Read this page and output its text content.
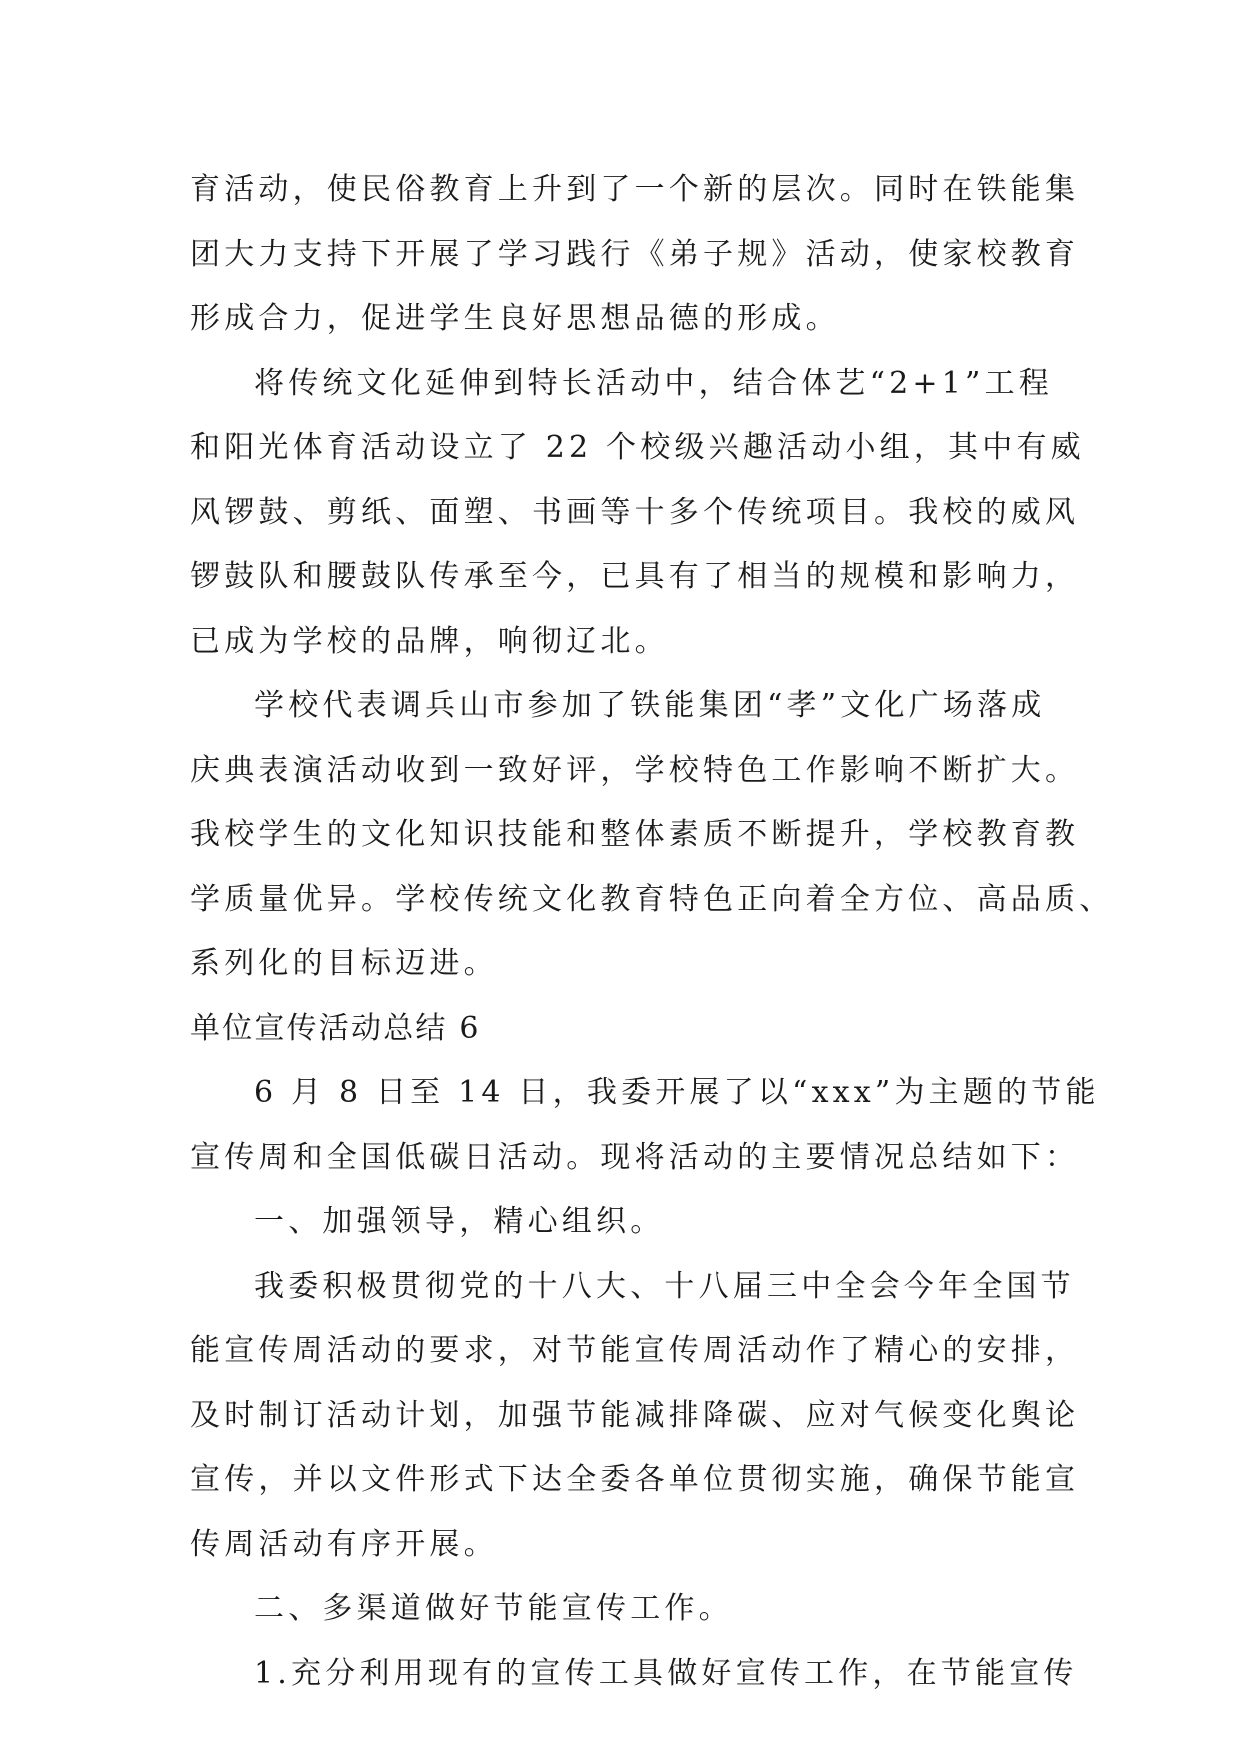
育活动，使民俗教育上升到了一个新的层次。同时在铁能集
团大力支持下开展了学习践行《弟子规》活动，使家校教育
形成合力，促进学生良好思想品德的形成。
将传统文化延伸到特长活动中，结合体艺“2+1”工程
和阳光体育活动设立了 22 个校级兴趣活动小组，其中有威
风锣鼓、剪纸、面塑、书画等十多个传统项目。我校的威风
锣鼓队和腰鼓队传承至今，已具有了相当的规模和影响力，
已成为学校的品牌，响彻辽北。
学校代表调兵山市参加了铁能集团“孝”文化广场落成
庆典表演活动收到一致好评，学校特色工作影响不断扩大。
我校学生的文化知识技能和整体素质不断提升，学校教育教
学质量优异。学校传统文化教育特色正向着全方位、高品质、
系列化的目标迈进。
单位宣传活动总结 6
6 月 8 日至 14 日，我委开展了以“xxx”为主题的节能
宣传周和全国低碳日活动。现将活动的主要情况总结如下：
一、加强领导，精心组织。
我委积极贯彻党的十八大、十八届三中全会今年全国节
能宣传周活动的要求，对节能宣传周活动作了精心的安排，
及时制订活动计划，加强节能减排降碳、应对气候变化舆论
宣传，并以文件形式下达全委各单位贯彻实施，确保节能宣
传周活动有序开展。
二、多渠道做好节能宣传工作。
1.充分利用现有的宣传工具做好宣传工作，在节能宣传
